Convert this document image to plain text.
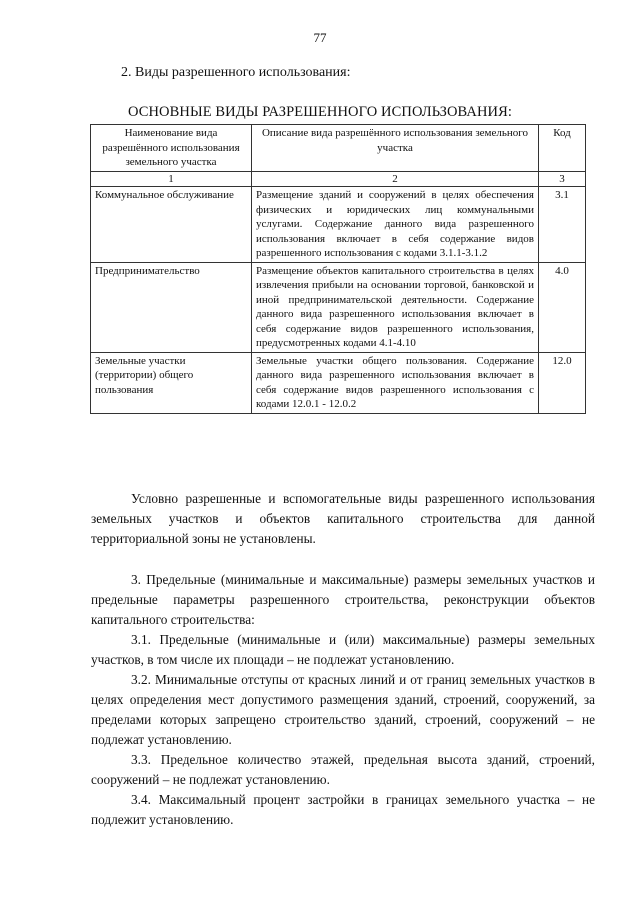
77
2. Виды разрешенного использования:
ОСНОВНЫЕ ВИДЫ РАЗРЕШЕННОГО ИСПОЛЬЗОВАНИЯ:
Наименование вида разрешённого использования земельного участка	Описание вида разрешённого использования земельного участка	Код
1	2	3
Коммунальное обслуживание	Размещение зданий и сооружений в целях обеспечения физических и юридических лиц коммунальными услугами. Содержание данного вида разрешенного использования включает в себя содержание видов разрешенного использования с кодами 3.1.1-3.1.2	3.1
Предпринимательство	Размещение объектов капитального строительства в целях извлечения прибыли на основании торговой, банковской и иной предпринимательской деятельности. Содержание данного вида разрешенного использования включает в себя содержание видов разрешенного использования, предусмотренных кодами 4.1-4.10	4.0
Земельные участки (территории) общего пользования	Земельные участки общего пользования. Содержание данного вида разрешенного использования включает в себя содержание видов разрешенного использования с кодами 12.0.1 - 12.0.2	12.0
Условно разрешенные и вспомогательные виды разрешенного использования земельных участков и объектов капитального строительства для данной территориальной зоны не установлены.
3. Предельные (минимальные и максимальные) размеры земельных участков и предельные параметры разрешенного строительства, реконструкции объектов капитального строительства:
3.1. Предельные (минимальные и (или) максимальные) размеры земельных участков, в том числе их площади – не подлежат установлению.
3.2. Минимальные отступы от красных линий и от границ земельных участков в целях определения мест допустимого размещения зданий, строений, сооружений, за пределами которых запрещено строительство зданий, строений, сооружений – не подлежат установлению.
3.3. Предельное количество этажей, предельная высота зданий, строений, сооружений – не подлежат установлению.
3.4. Максимальный процент застройки в границах земельного участка – не подлежит установлению.
